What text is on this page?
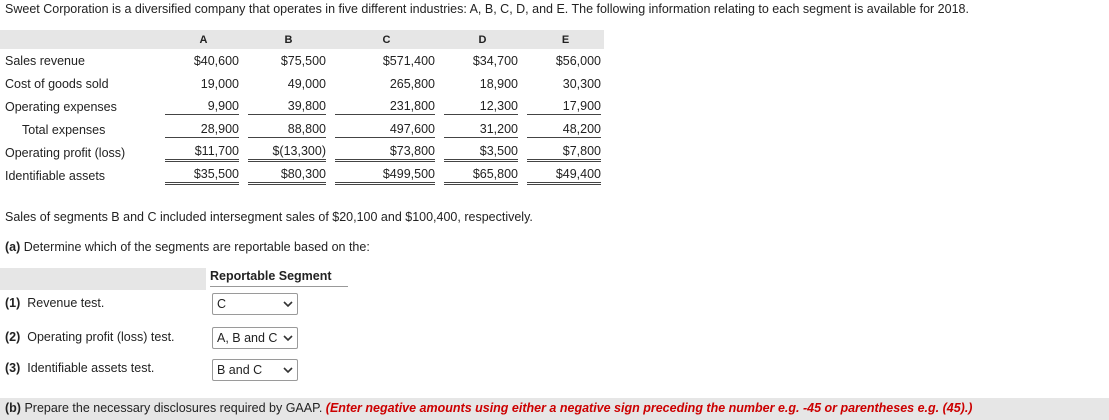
Sweet Corporation is a diversified company that operates in five different industries: A, B, C, D, and E. The following information relating to each segment is available for 2018.
	A		B		C		D		E
Sales revenue	$40,600		$75,500		$571,400		$34,700		$56,000
Cost of goods sold	19,000		49,000		265,800		18,900		30,300
Operating expenses	9,900		39,800		231,800		12,300		17,900

Total expenses	28,900		88,800		497,600		31,200		48,200

Operating profit (loss)	$11,700		$(13,300)		$73,800		$3,500		$7,800

Identifiable assets	$35,500		$80,300		$499,500		$65,800		$49,400
Sales of segments B and C included intersegment sales of $20,100 and $100,400, respectively.
(a) Determine which of the segments are reportable based on the:
Reportable Segment
(1) Revenue test.	C
(2) Operating profit (loss) test.	A, B and C
(3) Identifiable assets test.	B and C
(b) Prepare the necessary disclosures required by GAAP. (Enter negative amounts using either a negative sign preceding the number e.g. -45 or parentheses e.g. (45).)
